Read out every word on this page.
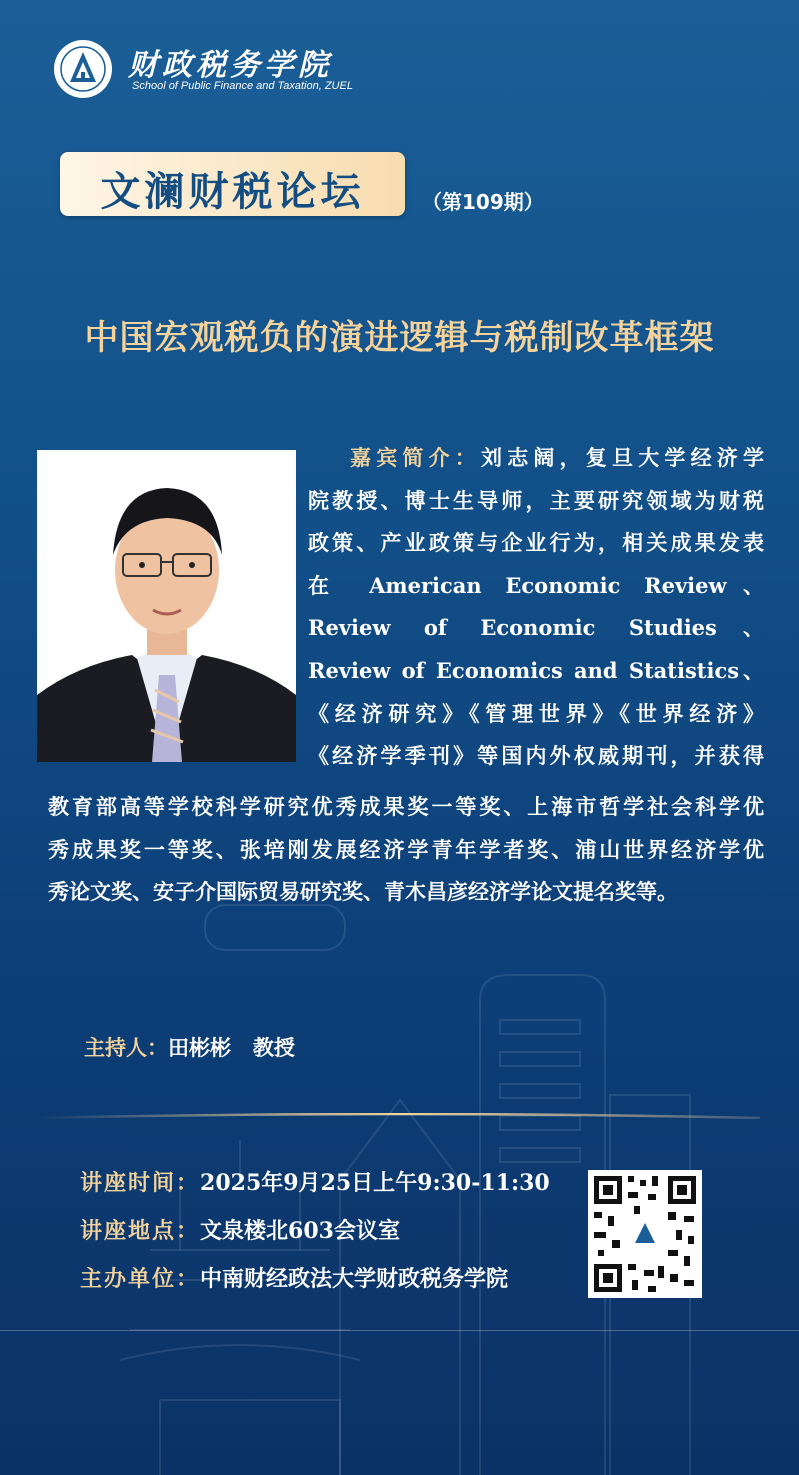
财政税务学院
School of Public Finance and Taxation, ZUEL
文澜财税论坛	（第109期）
中国宏观税负的演进逻辑与税制改革框架
嘉宾简介：刘志阔，复旦大学经济学
院教授、博士生导师，主要研究领域为财税
政策、产业政策与企业行为，相关成果发表
在 American Economic Review、
Review of Economic Studies、
Review of Economics and Statistics、
《经济研究》《管理世界》《世界经济》
《经济学季刊》等国内外权威期刊，并获得
教育部高等学校科学研究优秀成果奖一等奖、上海市哲学社会科学优
秀成果奖一等奖、张培刚发展经济学青年学者奖、浦山世界经济学优
秀论文奖、安子介国际贸易研究奖、青木昌彦经济学论文提名奖等。
主持人：田彬彬   教授
讲座时间：2025年9月25日上午9:30-11:30
讲座地点：文泉楼北603会议室
主办单位：中南财经政法大学财政税务学院
